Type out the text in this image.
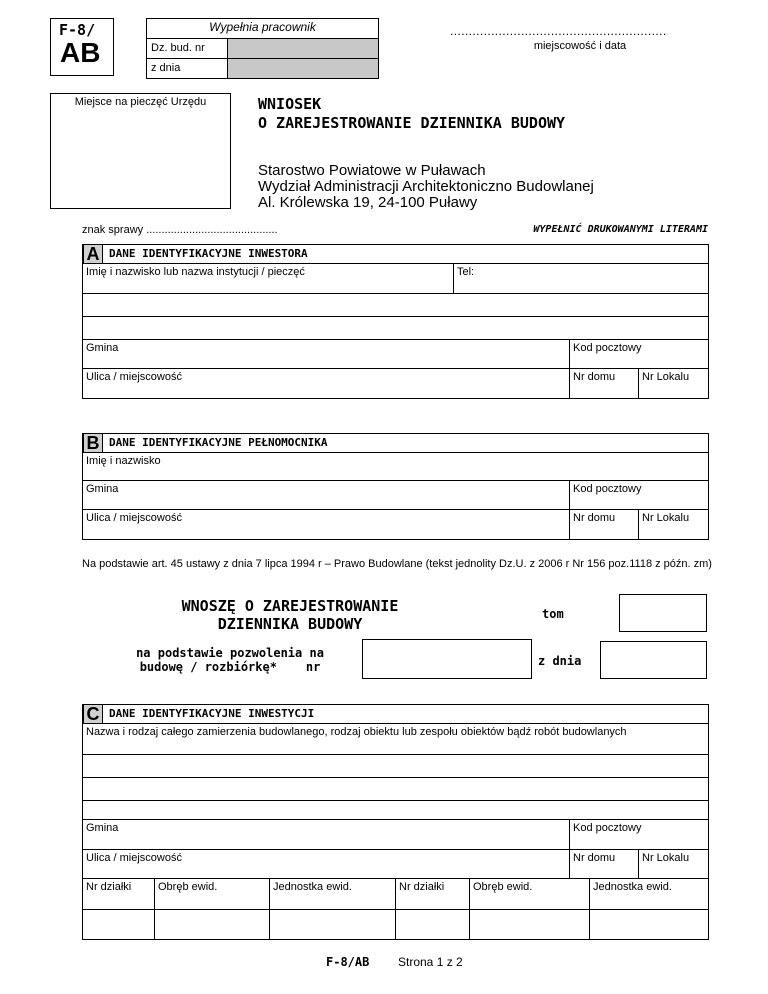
F-8/
AB
Wypełnia pracownik
Dz. bud. nr
z dnia
..........................................................
miejscowość i data
Miejsce na pieczęć Urzędu	WNIOSEK
O ZAREJESTROWANIE DZIENNIKA BUDOWY
Starostwo Powiatowe w Puławach
Wydział Administracji Architektoniczno Budowlanej
Al. Królewska 19, 24-100 Puławy
znak sprawy ...........................................	WYPEŁNIĆ DRUKOWANYMI LITERAMI
A DANE IDENTYFIKACYJNE INWESTORA
Imię i nazwisko lub nazwa instytucji / pieczęć	Tel:
Gmina	Kod pocztowy
Ulica / miejscowość	Nr domu Nr Lokalu
B DANE IDENTYFIKACYJNE PEŁNOMOCNIKA
Imię i nazwisko
Gmina	Kod pocztowy
Ulica / miejscowość	Nr domu Nr Lokalu
Na podstawie art. 45 ustawy z dnia 7 lipca 1994 r – Prawo Budowlane (tekst jednolity Dz.U. z 2006 r Nr 156 poz.1118 z późn. zm)
WNOSZĘ O ZAREJESTROWANIE
DZIENNIKA BUDOWY
tom
na podstawie pozwolenia na
budowę / rozbiórkę*    nr	z dnia
C DANE IDENTYFIKACYJNE INWESTYCJI
Nazwa i rodzaj całego zamierzenia budowlanego, rodzaj obiektu lub zespołu obiektów bądź robót budowlanych
Gmina	Kod pocztowy
Ulica / miejscowość	Nr domu Nr Lokalu
Nr działki Obręb ewid.	Jednostka ewid.	Nr działki	Obręb ewid.	Jednostka ewid.
F-8/AB Strona 1 z 2
